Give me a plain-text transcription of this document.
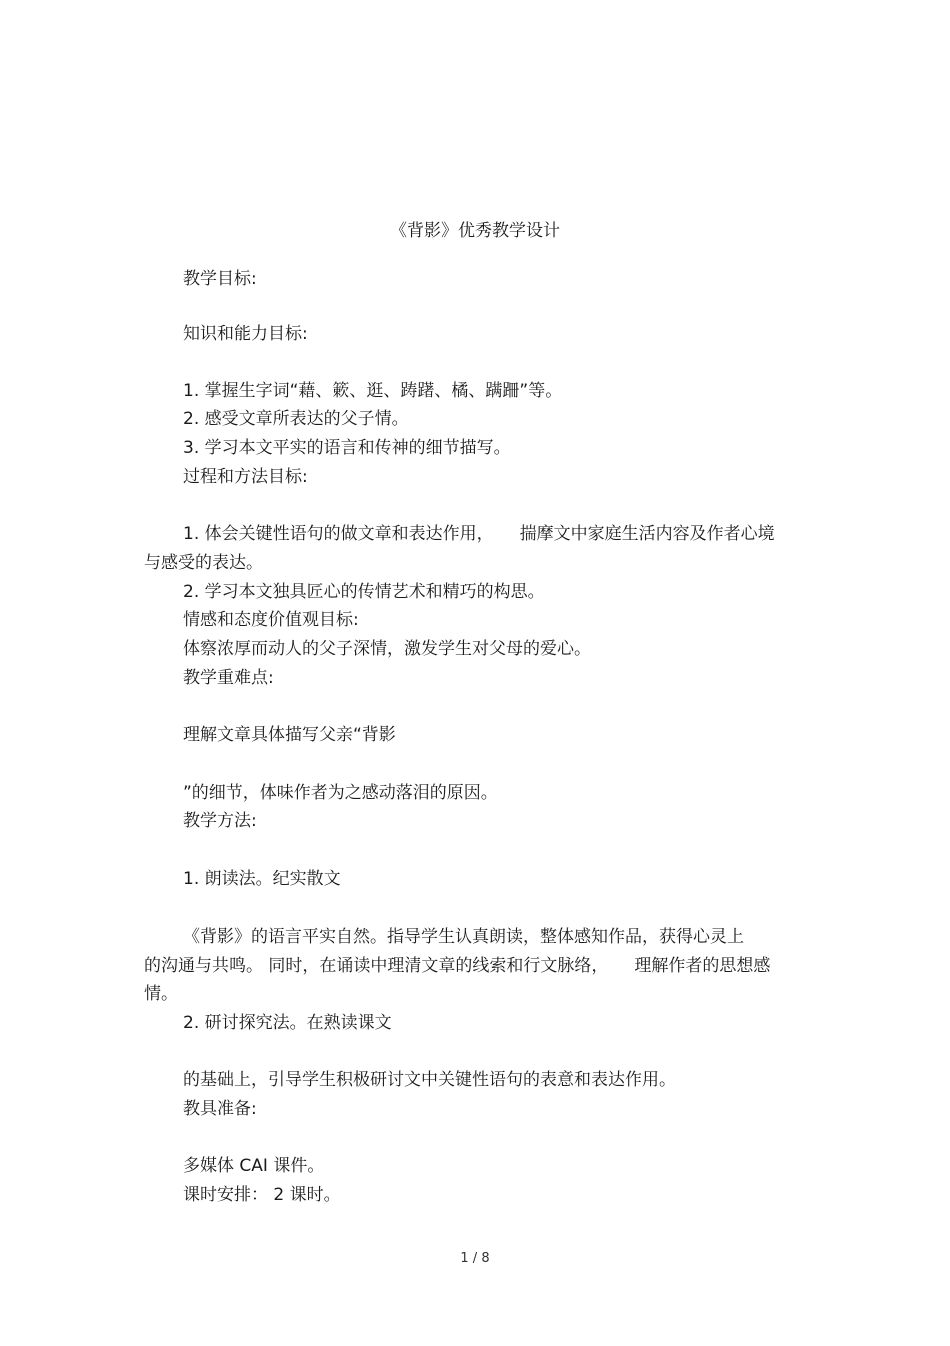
《背影》优秀教学设计
教学目标:
知识和能力目标:
1. 掌握生字词“藉、簌、逛、踌躇、橘、蹒跚”等。
2. 感受文章所表达的父子情。
3. 学习本文平实的语言和传神的细节描写。
过程和方法目标:
1. 体会关键性语句的做文章和表达作用， 揣摩文中家庭生活内容及作者心境
与感受的表达。
2. 学习本文独具匠心的传情艺术和精巧的构思。
情感和态度价值观目标:
体察浓厚而动人的父子深情，激发学生对父母的爱心。
教学重难点:
理解文章具体描写父亲“背影
”的细节，体味作者为之感动落泪的原因。
教学方法:
1. 朗读法。纪实散文
《背影》的语言平实自然。指导学生认真朗读，整体感知作品，获得心灵上
的沟通与共鸣。 同时，在诵读中理清文章的线索和行文脉络， 理解作者的思想感
情。
2. 研讨探究法。在熟读课文
的基础上，引导学生积极研讨文中关键性语句的表意和表达作用。
教具准备:
多媒体 CAI 课件。
课时安排： 2 课时。
1 / 8
